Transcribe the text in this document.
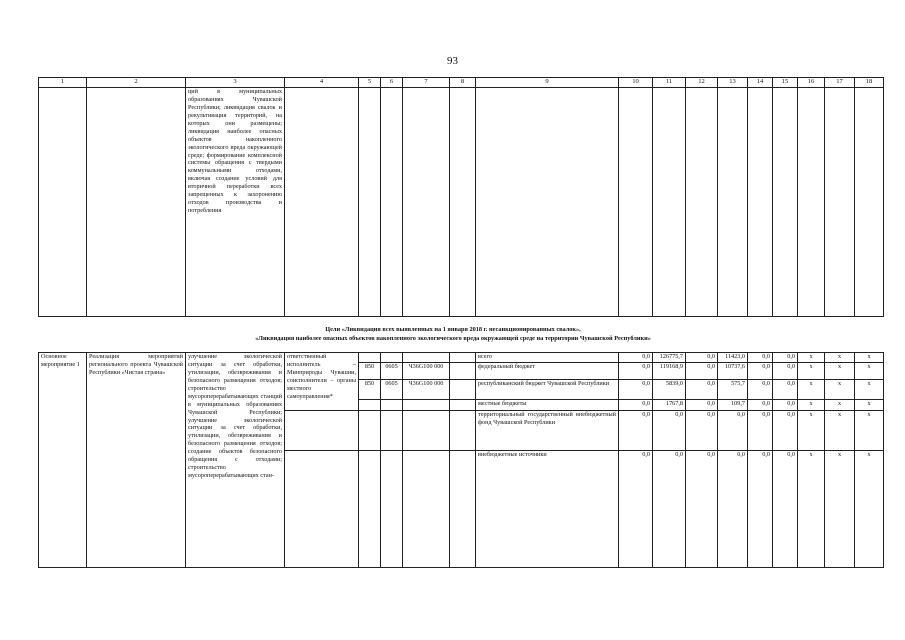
93
1	2	3	4	5	6	7	8	9	10	11	12	13	14	15	16	17	18
		ций в муниципальных образованиях Чувашской Республики; ликвидация свалок и рекультивация территорий, на которых они размещены; ликвидация наиболее опасных объектов накопленного экологического вреда окружающей среде; формирование комплексной системы обращения с твердыми коммунальными отходами, включая создание условий для вторичной переработки всех запрещенных к захоронению отходов производства и потребления															
Цели «Ликвидация всех выявленных на 1 января 2018 г. несанкционированных свалок»,
«Ликвидация наиболее опасных объектов накопленного экологического вреда окружающей среде на территории Чувашской Республики»
Основное мероприятие 1	Реализация мероприятий регионального проекта Чувашской Республики «Чистая страна»	улучшение экологической ситуации за счет обработки, утилизации, обезвреживания и безопасного размещения отходов; строительство мусороперерабатывающих станций в муниципальных образованиях Чувашской Республики; улучшение экологической ситуации за счет обработки, утилизации, обезвреживания и безопасного размещения отходов; создание объектов безопасного обращения с отходами; строительство мусороперерабатывающих стан-	ответственный исполнитель – Минприроды Чувашии, соисполнители – органы местного самоуправления*					всего	0,0	126775,7	0,0	11423,0	0,0	0,0	x	x	x
				850	0605	Ч36G100 000		федеральный бюджет	0,0	119168,9	0,0	10737,6	0,0	0,0	x	x	x
				850	0605	Ч36G100 000		республиканский бюджет Чувашской Республики	0,0	5839,0	0,0	575,7	0,0	0,0	x	x	x
								местные бюджеты	0,0	1767,8	0,0	109,7	0,0	0,0	x	x	x
								территориальный государственный внебюджетный фонд Чувашской Республики	0,0	0,0	0,0	0,0	0,0	0,0	x	x	x
								внебюджетные источники	0,0	0,0	0,0	0,0	0,0	0,0	x	x	x
